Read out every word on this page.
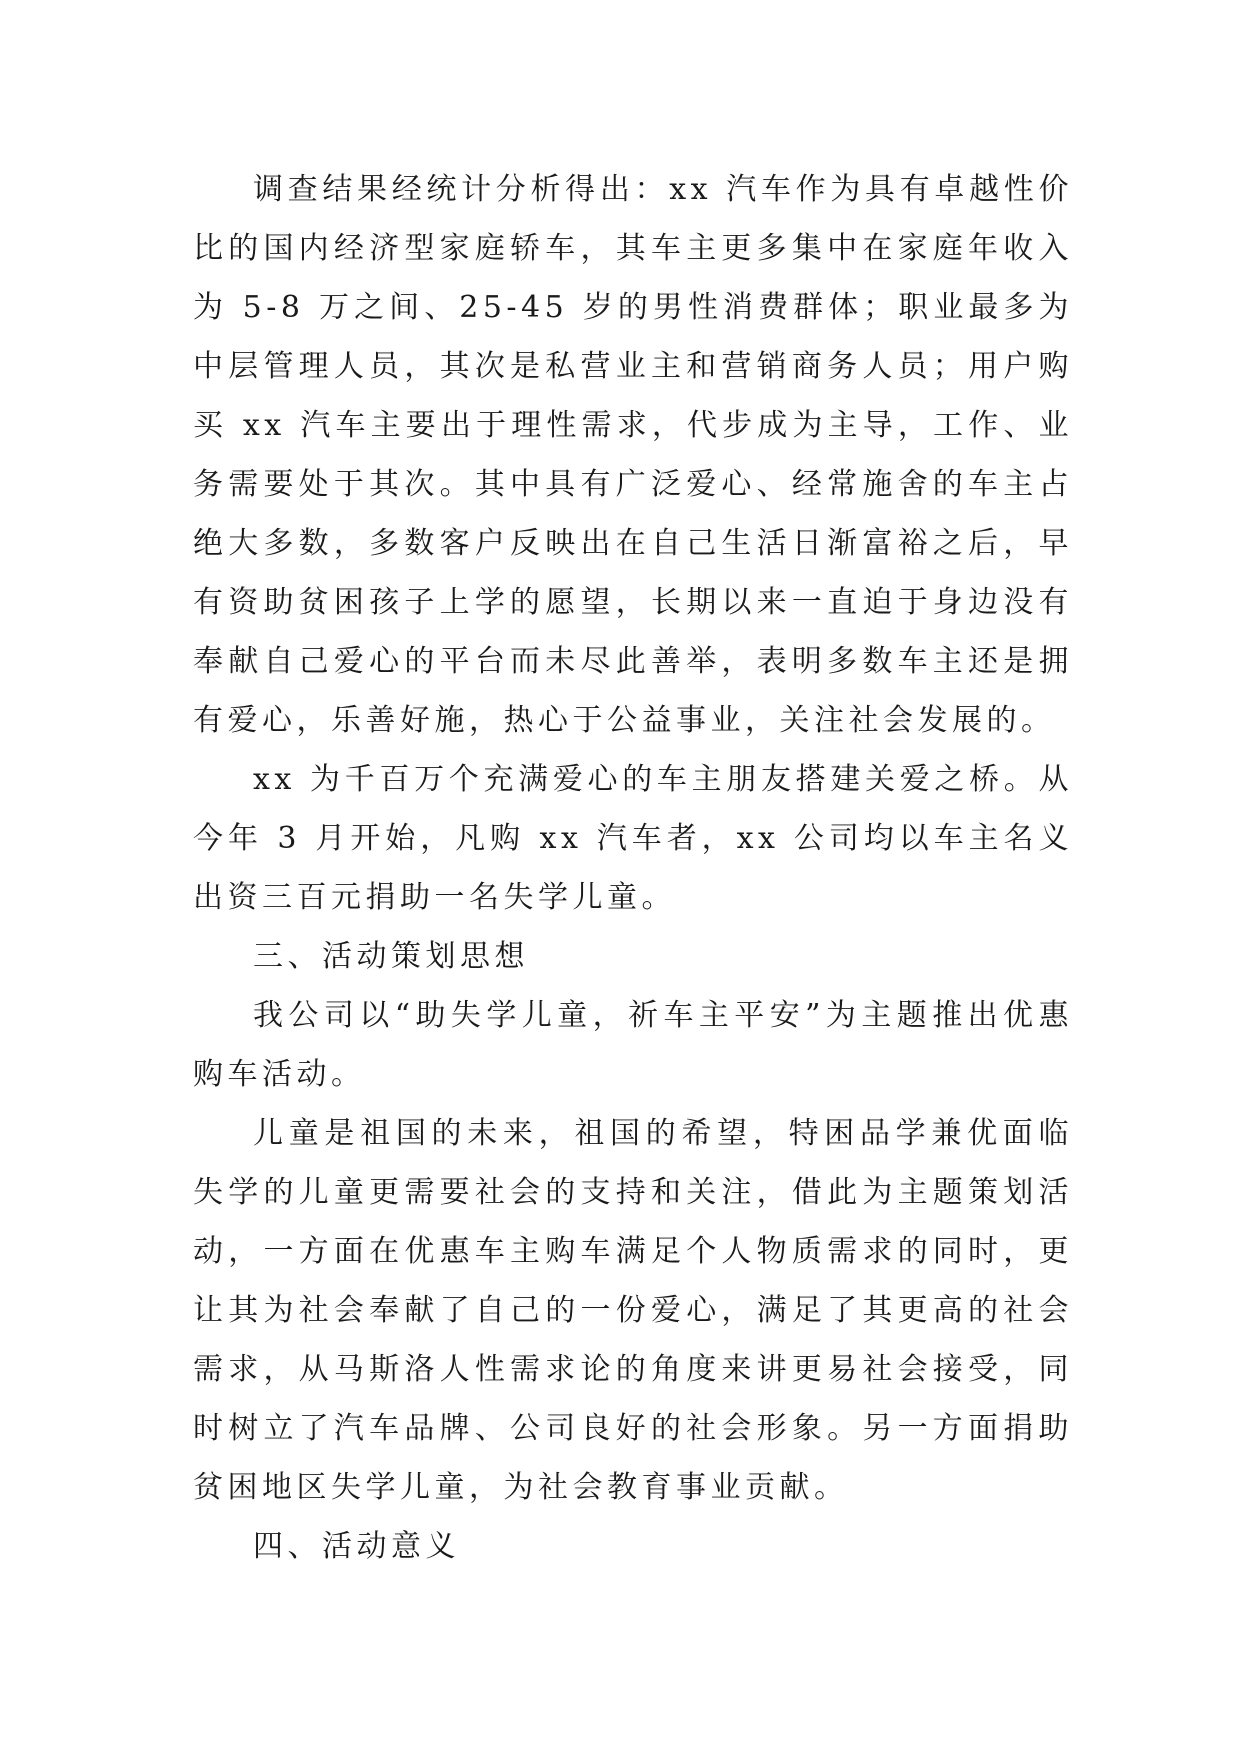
调查结果经统计分析得出：xx 汽车作为具有卓越性价比的国内经济型家庭轿车，其车主更多集中在家庭年收入为 5-8 万之间、25-45 岁的男性消费群体；职业最多为中层管理人员，其次是私营业主和营销商务人员；用户购买 xx 汽车主要出于理性需求，代步成为主导，工作、业务需要处于其次。其中具有广泛爱心、经常施舍的车主占绝大多数，多数客户反映出在自己生活日渐富裕之后，早有资助贫困孩子上学的愿望，长期以来一直迫于身边没有奉献自己爱心的平台而未尽此善举，表明多数车主还是拥有爱心，乐善好施，热心于公益事业，关注社会发展的。

xx 为千百万个充满爱心的车主朋友搭建关爱之桥。从今年 3 月开始，凡购 xx 汽车者，xx 公司均以车主名义出资三百元捐助一名失学儿童。

三、活动策划思想

我公司以“助失学儿童，祈车主平安”为主题推出优惠购车活动。

儿童是祖国的未来，祖国的希望，特困品学兼优面临失学的儿童更需要社会的支持和关注，借此为主题策划活动，一方面在优惠车主购车满足个人物质需求的同时，更让其为社会奉献了自己的一份爱心，满足了其更高的社会需求，从马斯洛人性需求论的角度来讲更易社会接受，同时树立了汽车品牌、公司良好的社会形象。另一方面捐助贫困地区失学儿童，为社会教育事业贡献。

四、活动意义
